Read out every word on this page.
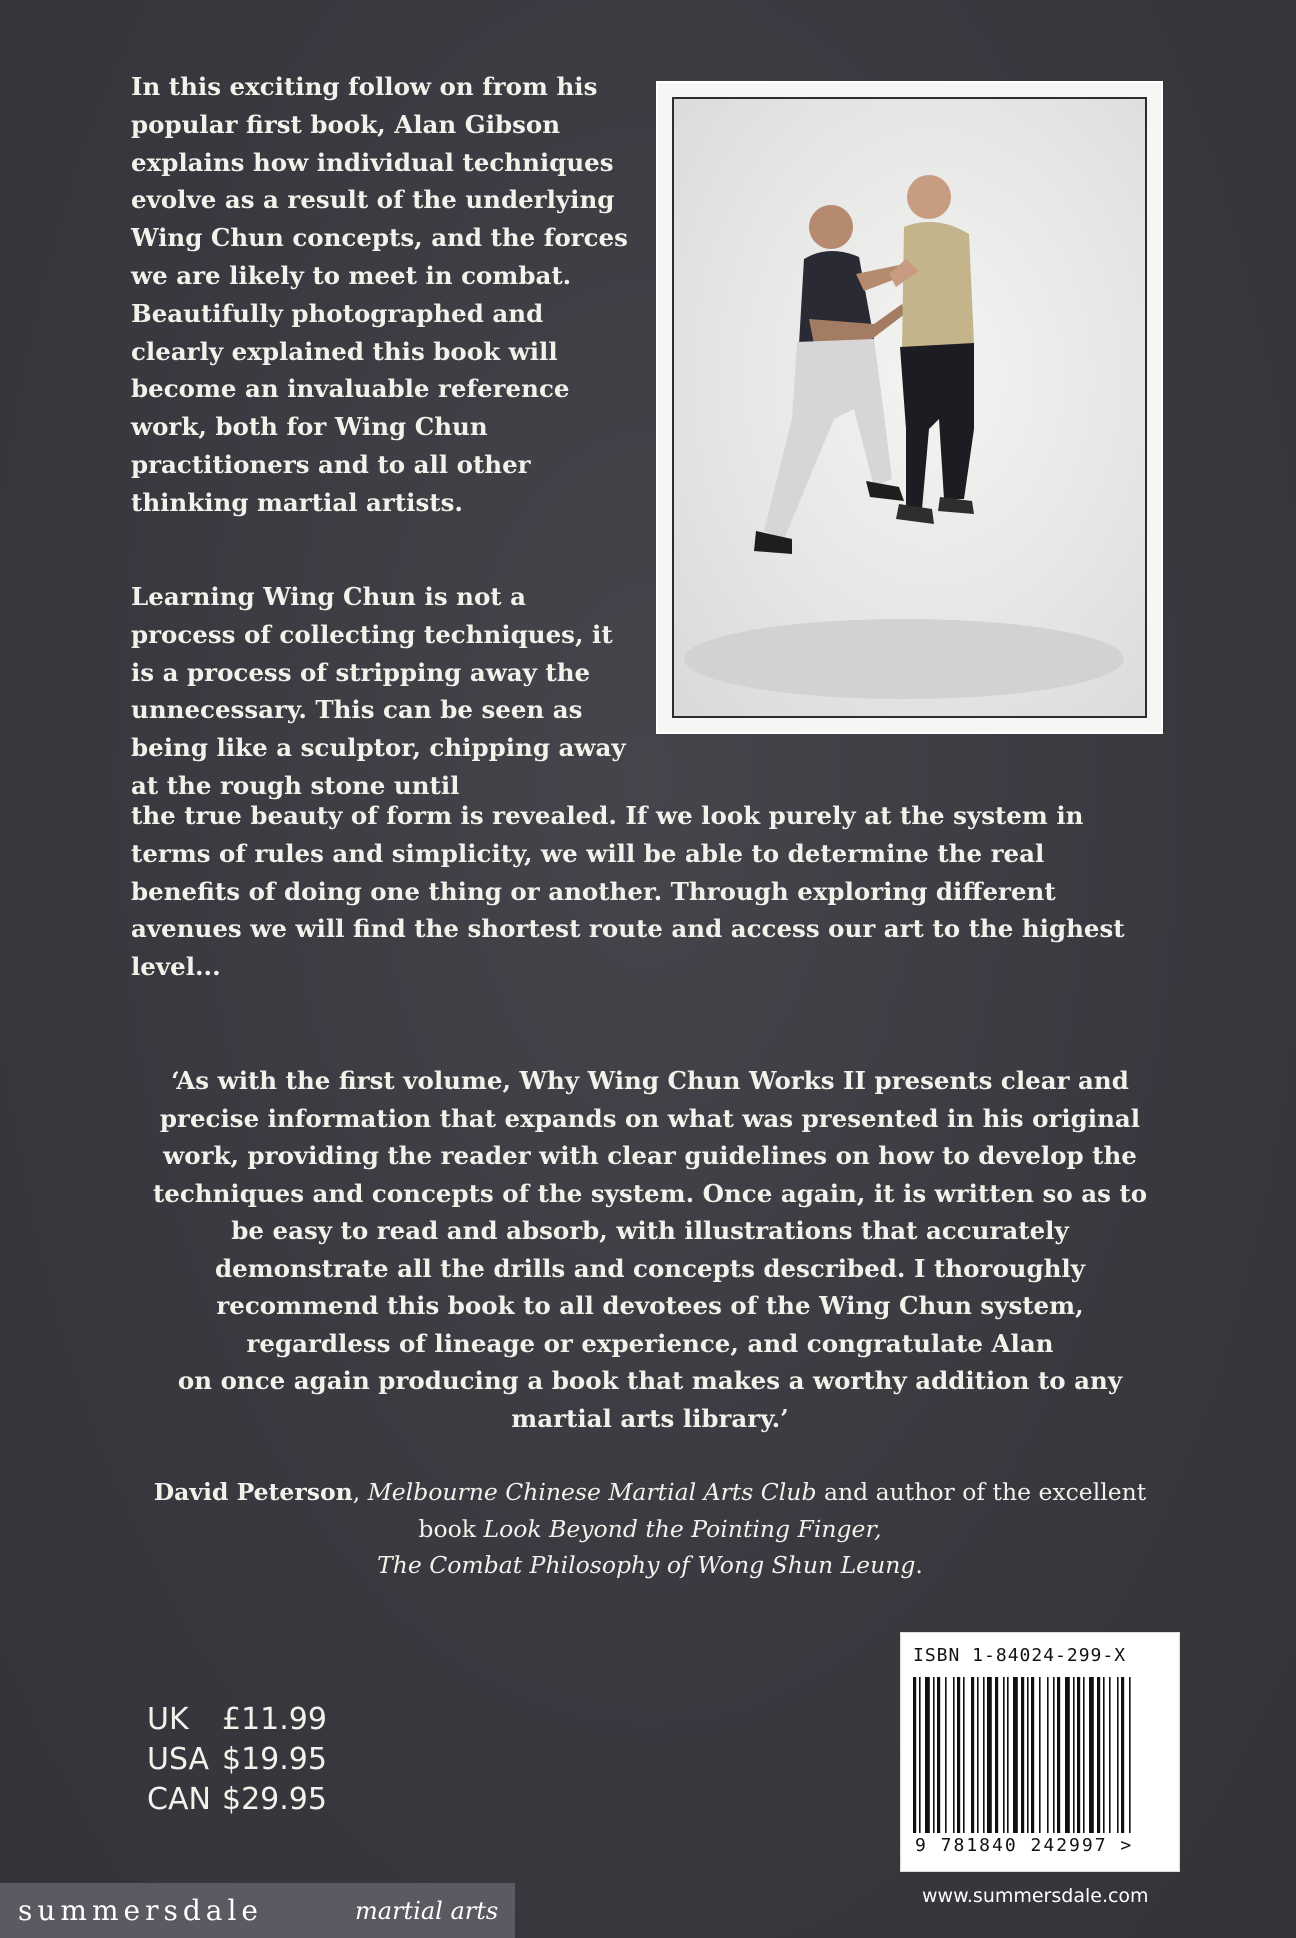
In this exciting follow on from his popular first book, Alan Gibson explains how individual techniques evolve as a result of the underlying Wing Chun concepts, and the forces we are likely to meet in combat. Beautifully photographed and clearly explained this book will become an invaluable reference work, both for Wing Chun practitioners and to all other thinking martial artists.

Learning Wing Chun is not a process of collecting techniques, it is a process of stripping away the unnecessary. This can be seen as being like a sculptor, chipping away at the rough stone until

the true beauty of form is revealed. If we look purely at the system in terms of rules and simplicity, we will be able to determine the real benefits of doing one thing or another. Through exploring different avenues we will find the shortest route and access our art to the highest level...

‘As with the first volume, Why Wing Chun Works II presents clear and
precise information that expands on what was presented in his original
work, providing the reader with clear guidelines on how to develop the
techniques and concepts of the system. Once again, it is written so as to
be easy to read and absorb, with illustrations that accurately
demonstrate all the drills and concepts described. I thoroughly
recommend this book to all devotees of the Wing Chun system,
regardless of lineage or experience, and congratulate Alan
on once again producing a book that makes a worthy addition to any
martial arts library.’

David Peterson, Melbourne Chinese Martial Arts Club and author of the excellent book Look Beyond the Pointing Finger,
The Combat Philosophy of Wong Shun Leung.

UK	£11.99
USA $19.95
CAN $29.95
ISBN 1-84024-299-X
9 781840 242997 >
summersdale	martial arts
www.summersdale.com
